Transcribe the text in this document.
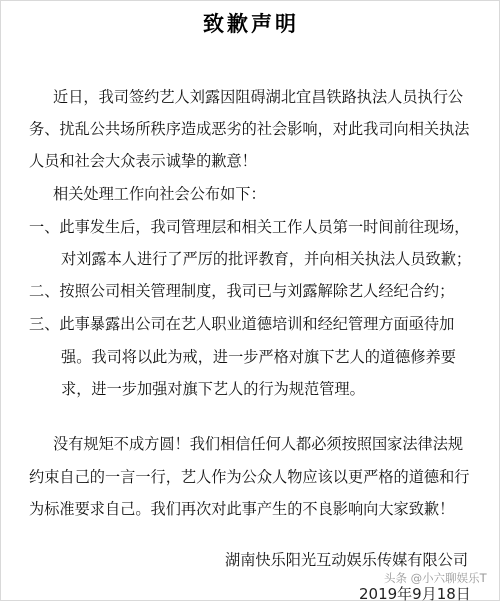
致歉声明
近日，我司签约艺人刘露因阻碍湖北宜昌铁路执法人员执行公
务、扰乱公共场所秩序造成恶劣的社会影响，对此我司向相关执法
人员和社会大众表示诚挚的歉意！
相关处理工作向社会公布如下：
一、此事发生后，我司管理层和相关工作人员第一时间前往现场，
对刘露本人进行了严厉的批评教育，并向相关执法人员致歉；
二、按照公司相关管理制度，我司已与刘露解除艺人经纪合约；
三、此事暴露出公司在艺人职业道德培训和经纪管理方面亟待加
强。我司将以此为戒，进一步严格对旗下艺人的道德修养要
求，进一步加强对旗下艺人的行为规范管理。
没有规矩不成方圆！我们相信任何人都必须按照国家法律法规
约束自己的一言一行，艺人作为公众人物应该以更严格的道德和行
为标准要求自己。我们再次对此事产生的不良影响向大家致歉！
湖南快乐阳光互动娱乐传媒有限公司
2019年9月18日
头条 @小六聊娱乐T
